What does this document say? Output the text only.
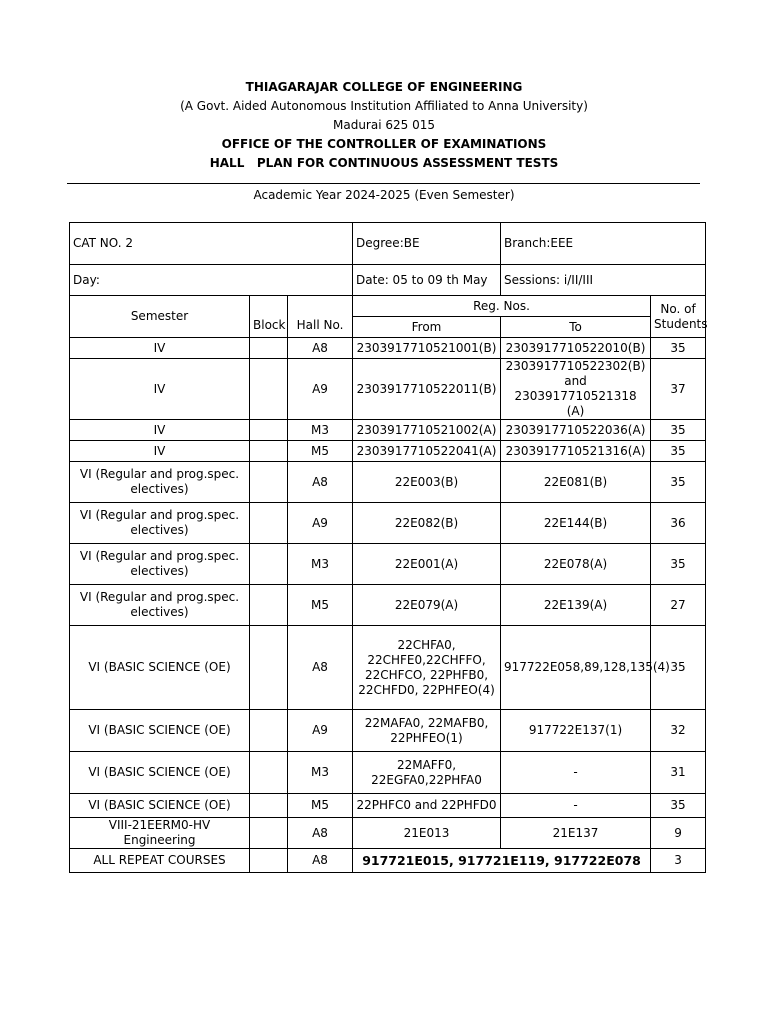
THIAGARAJAR COLLEGE OF ENGINEERING
(A Govt. Aided Autonomous Institution Affiliated to Anna University)
Madurai 625 015
OFFICE OF THE CONTROLLER OF EXAMINATIONS
HALL   PLAN FOR CONTINUOUS ASSESSMENT TESTS
Academic Year 2024-2025 (Even Semester)
CAT NO. 2			Degree:BE	Branch:EEE	
Day:			Date: 05 to 09 th May	Sessions: i/II/III	
Semester	Block	Hall No.	Reg. Nos.		No. of Students
			From	To	
IV		A8	2303917710521001(B)	2303917710522010(B)	35
IV		A9	2303917710522011(B)	2303917710522302(B) and 2303917710521318 (A)	37
IV		M3	2303917710521002(A)	2303917710522036(A)	35
IV		M5	2303917710522041(A)	2303917710521316(A)	35
VI (Regular and prog.spec. electives)		A8	22E003(B)	22E081(B)	35
VI (Regular and prog.spec. electives)		A9	22E082(B)	22E144(B)	36
VI (Regular and prog.spec. electives)		M3	22E001(A)	22E078(A)	35
VI (Regular and prog.spec. electives)		M5	22E079(A)	22E139(A)	27
VI (BASIC SCIENCE (OE)		A8	22CHFA0, 22CHFE0,22CHFFO, 22CHFCO, 22PHFB0, 22CHFD0, 22PHFEO(4)	917722E058,89,128,135(4)	35
VI (BASIC SCIENCE (OE)		A9	22MAFA0, 22MAFB0, 22PHFEO(1)	917722E137(1)	32
VI (BASIC SCIENCE (OE)		M3	22MAFF0, 22EGFA0,22PHFA0	-	31
VI (BASIC SCIENCE (OE)		M5	22PHFC0 and 22PHFD0	-	35
VIII-21EERM0-HV Engineering		A8	21E013	21E137	9
ALL REPEAT COURSES		A8	917721E015, 917721E119, 917722E078		3
